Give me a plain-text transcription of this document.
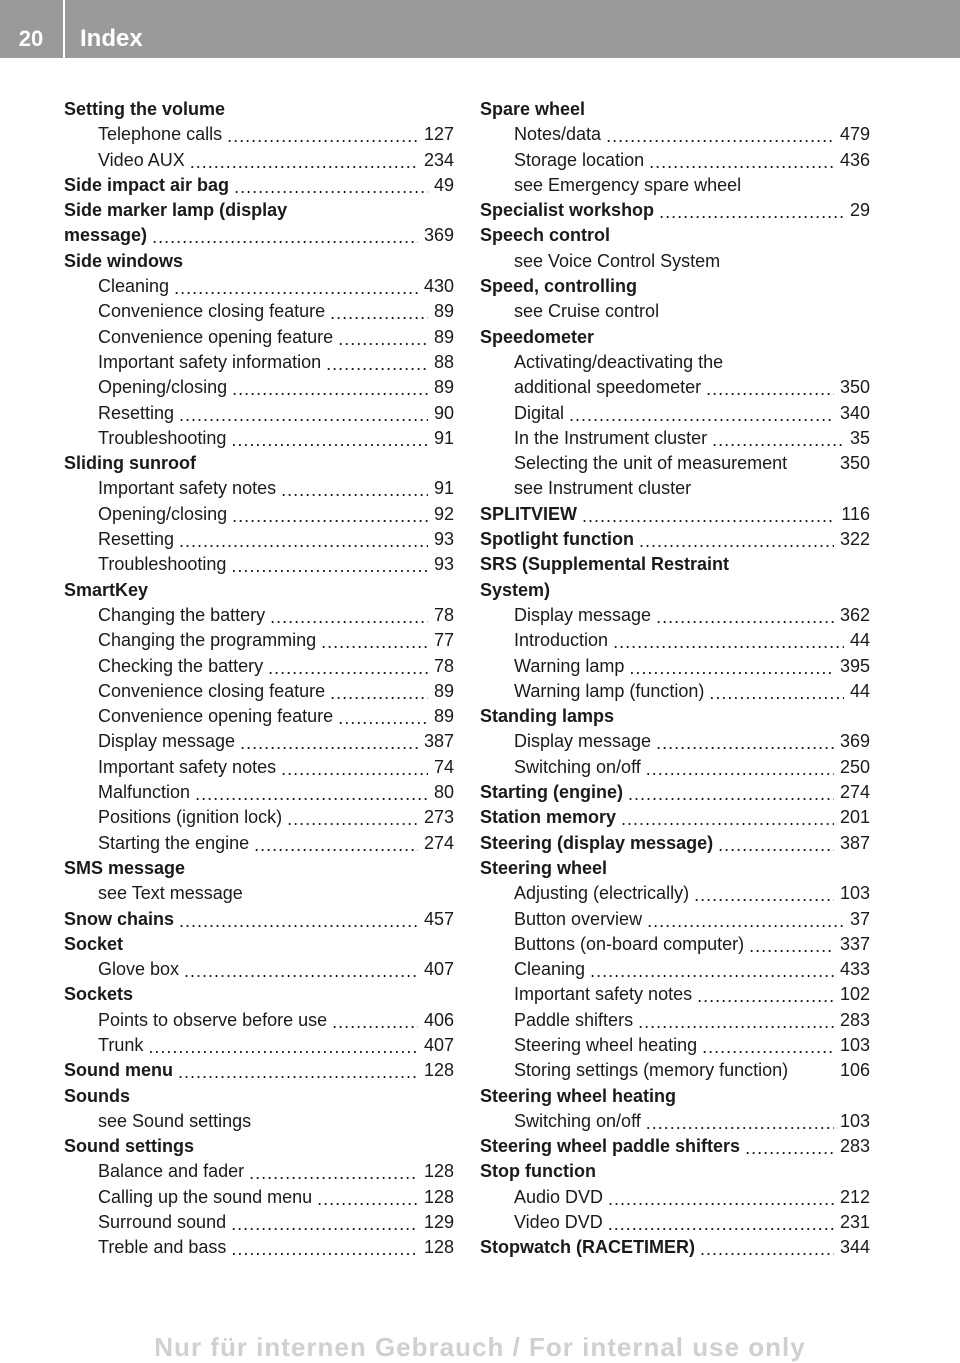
20	Index
Setting the volume
Telephone calls .....	127
Video AUX .....	234
Side impact air bag .....	49
Side marker lamp (display
message) .....	369
Side windows
Cleaning .....	430
Convenience closing feature .....	89
Convenience opening feature .....	89
Important safety information .....	88
Opening/closing .....	89
Resetting .....	90
Troubleshooting .....	91
Sliding sunroof
Important safety notes .....	91
Opening/closing .....	92
Resetting .....	93
Troubleshooting .....	93
SmartKey
Changing the battery .....	78
Changing the programming .....	77
Checking the battery .....	78
Convenience closing feature .....	89
Convenience opening feature .....	89
Display message .....	387
Important safety notes .....	74
Malfunction .....	80
Positions (ignition lock) .....	273
Starting the engine .....	274
SMS message
see Text message
Snow chains .....	457
Socket
Glove box .....	407
Sockets
Points to observe before use .....	406
Trunk .....	407
Sound menu .....	128
Sounds
see Sound settings
Sound settings
Balance and fader .....	128
Calling up the sound menu .....	128
Surround sound .....	129
Treble and bass .....	128
Spare wheel
Notes/data .....	479
Storage location .....	436
see Emergency spare wheel
Specialist workshop .....	29
Speech control
see Voice Control System
Speed, controlling
see Cruise control
Speedometer
Activating/deactivating the
additional speedometer .....	350
Digital .....	340
In the Instrument cluster .....	35
Selecting the unit of measurement	350
see Instrument cluster
SPLITVIEW .....	116
Spotlight function .....	322
SRS (Supplemental Restraint
System)
Display message .....	362
Introduction .....	44
Warning lamp .....	395
Warning lamp (function) .....	44
Standing lamps
Display message .....	369
Switching on/off .....	250
Starting (engine) .....	274
Station memory .....	201
Steering (display message) .....	387
Steering wheel
Adjusting (electrically) .....	103
Button overview .....	37
Buttons (on-board computer) .....	337
Cleaning .....	433
Important safety notes .....	102
Paddle shifters .....	283
Steering wheel heating .....	103
Storing settings (memory function)	106
Steering wheel heating
Switching on/off .....	103
Steering wheel paddle shifters .....	283
Stop function
Audio DVD .....	212
Video DVD .....	231
Stopwatch (RACETIMER) .....	344
Nur für internen Gebrauch / For internal use only
